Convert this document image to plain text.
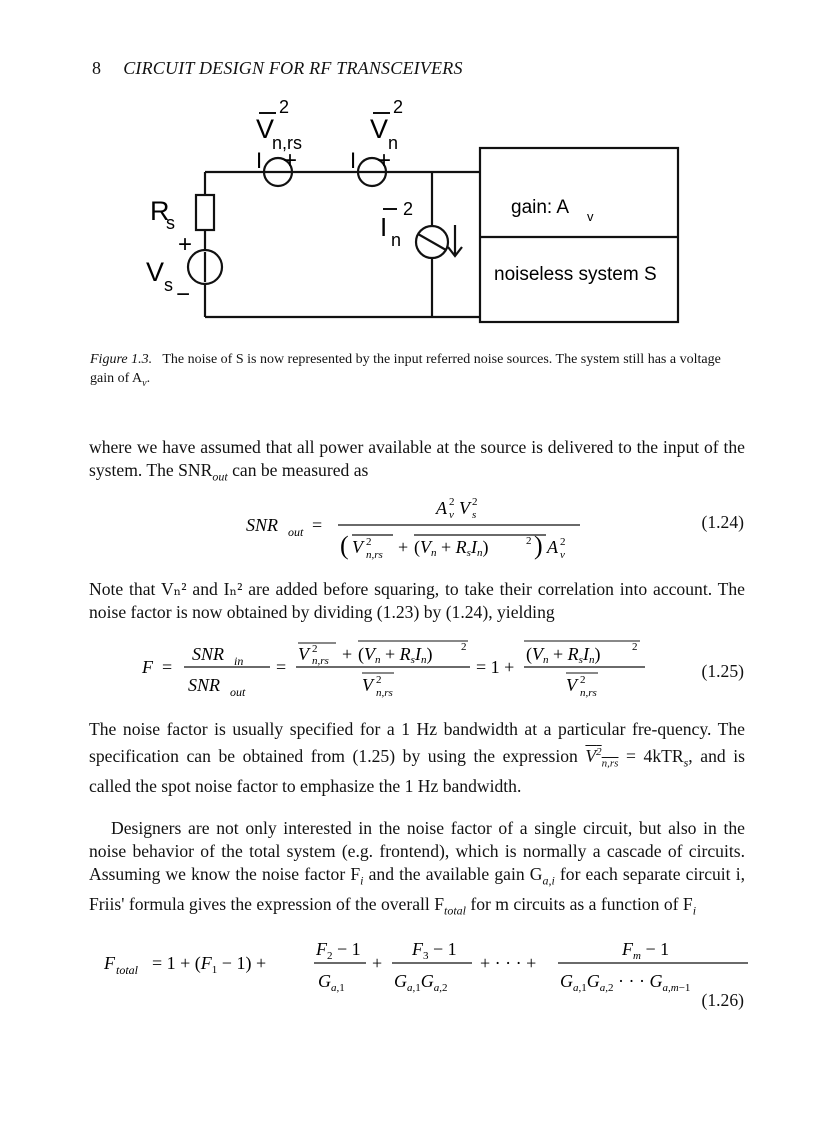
8 CIRCUIT DESIGN FOR RF TRANSCEIVERS
V
2
n,rs	V
2
n
I + I +
I
2
n
R
s
+
V s −
gain: A v
noiseless system S
Figure 1.3. The noise of S is now represented by the input referred noise sources. The system still has a voltage gain of $A_v$.
where we have assumed that all power available at the source is delivered to the input of the system. The $SNR_{out}$ can be measured as
SNR out =
A 2
v V 2
s
( V 2
n,rs + (Vn + RsIn)	2 ) A 2
v
(1.24)
Note that Vₙ² and Iₙ² are added before squaring, to take their correlation into account. The noise factor is now obtained by dividing (1.23) by (1.24), yielding
F =
SNR in
SNR out
=
V 2
n,rs + (Vn + RsIn)	2
V 2
n,rs
= 1 +
(Vn + RsIn)	2
V 2
n,rs
(1.25)
The noise factor is usually specified for a 1 Hz bandwidth at a particular fre-quency. The specification can be obtained from (1.25) by using the expression $V^2_{n,rs} = 4kTR_s$, and is called the spot noise factor to emphasize the 1 Hz bandwidth.
Designers are not only interested in the noise factor of a single circuit, but also in the noise behavior of the total system (e.g. frontend), which is normally a cascade of circuits. Assuming we know the noise factor $F_i$ and the available gain $G_{a,i}$ for each separate circuit i, Friis' formula gives the expression of the overall $F_{total}$ for m circuits as a function of $F_i$
F total = $1 + (F_1 - 1)$ +
$F_2 - 1$
$G_{a,}1$
+
$F_3 - 1$
$G_{a,}1G_{a,}2$
+ · · · +
$F_m - 1$
$G_{a,}1G_{a,}2$ · · · $G_{a,m}-1$
(1.26)
